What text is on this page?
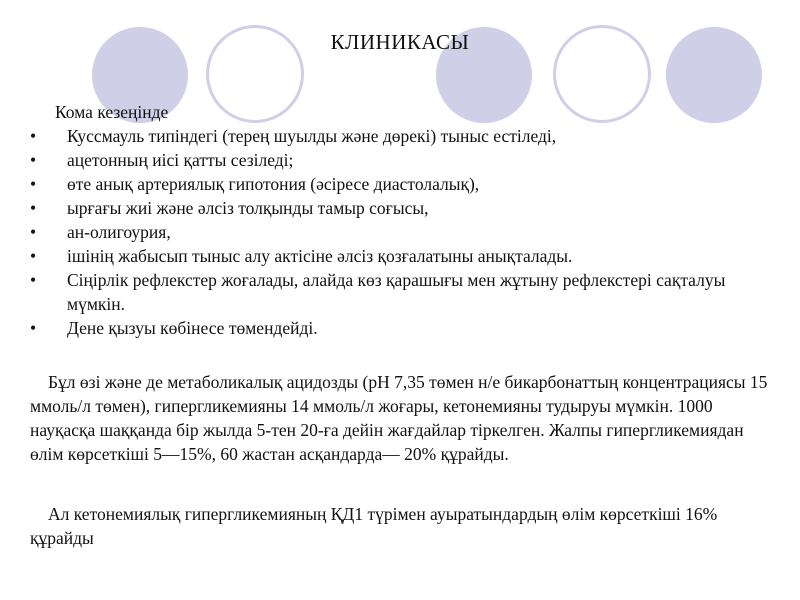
КЛИНИКАСЫ
Кома кезеңінде
• Куссмауль типіндегі (терең шуылды және дөрекі) тыныс естіледі,
• ацетонның иісі қатты сезіледі;
• өте анық артериялық гипотония (әсіресе диастолалық),
• ырғағы жиі және әлсіз толқынды тамыр соғысы,
• ан-олигоурия,
• ішінің жабысып тыныс алу актісіне әлсіз қозғалатыны анықталады.
• Сіңірлік рефлекстер жоғалады, алайда көз қарашығы мен жұтыну рефлекстері сақталуы мүмкін.
• Дене қызуы көбінесе төмендейді.

Бұл өзі және де метаболикалық ацидозды (рН 7,35 төмен н/е бикарбонаттың концентрациясы 15 ммоль/л төмен), гипергликемияны 14 ммоль/л жоғары, кетонемияны тудыруы мүмкін. 1000 науқасқа шаққанда бір жылда 5-тен 20-ға дейін жағдайлар тіркелген. Жалпы гипергликемиядан өлім көрсеткіші 5—15%, 60 жастан асқандарда— 20% құрайды.

Ал кетонемиялық гипергликемияның ҚД1 түрімен ауыратындардың өлім көрсеткіші 16% құрайды
